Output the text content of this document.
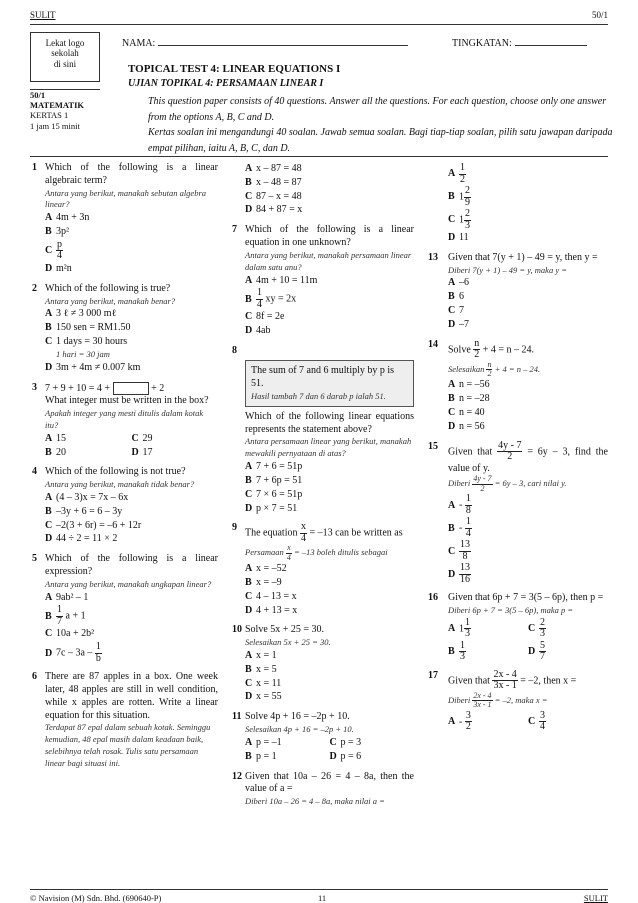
SULIT	50/1
Lekat logo
sekolah
di sini
50/1
MATEMATIK
KERTAS 1
1 jam 15 minit
NAMA:	TINGKATAN:
TOPICAL TEST 4: LINEAR EQUATIONS I
UJIAN TOPIKAL 4: PERSAMAAN LINEAR I
This question paper consists of 40 questions. Answer all the questions. For each question, choose only one answer from the options A, B, C and D.
Kertas soalan ini mengandungi 40 soalan. Jawab semua soalan. Bagi tiap-tiap soalan, pilih satu jawapan daripada empat pilihan, iaitu A, B, C, dan D.
1 Which of the following is a linear algebraic term?
Antara yang berikut, manakah sebutan algebra linear?
A 4m + 3n
B 3p²
C $\frac{p}{4}$
D m²n
2 Which of the following is true?
Antara yang berikut, manakah benar?
A 3 ℓ ≠ 3 000 mℓ
B 150 sen = RM1.50
C 1 days = 30 hours
1 hari = 30 jam
D 3m + 4m ≠ 0.007 km
3 7 + 9 + 10 = 4 +	+ 2
What integer must be written in the box?
Apakah integer yang mesti ditulis dalam kotak itu?
A 15	C 29
B 20	D 17
4 Which of the following is not true?
Antara yang berikut, manakah tidak benar?
A (4 – 3)x = 7x – 6x
B –3y + 6 = 6 – 3y
C –2(3 + 6r) = –6 + 12r
D 44 ÷ 2 = 11 × 2
5 Which of the following is a linear expression?
Antara yang berikut, manakah ungkapan linear?
A 9ab² – 1
B $\frac{1}{7}$ a + 1
C 10a + 2b²
D $7c - 3a - \frac{1}{b}$
6 There are 87 apples in a box. One week later, 48 apples are still in well condition, while x apples are rotten. Write a linear equation for this situation.
Terdapat 87 epal dalam sebuah kotak. Seminggu kemudian, 48 epal masih dalam keadaan baik, selebihnya telah rosak. Tulis satu persamaan linear bagi situasi ini.
A x – 87 = 48
B x – 48 = 87
C 87 – x = 48
D 84 + 87 = x
7 Which of the following is a linear equation in one unknown?
Antara yang berikut, manakah persamaan linear dalam satu anu?
A 4m + 10 = 11m
B $\frac{1}{4}$ xy = 2x
C 8f = 2e
D 4ab
8
The sum of 7 and 6 multiply by p is 51.
Hasil tambah 7 dan 6 darab p ialah 51.
Which of the following linear equations represents the statement above?
Antara persamaan linear yang berikut, manakah mewakili pernyataan di atas?
A 7 + 6 = 51p
B 7 + 6p = 51
C 7 × 6 = 51p
D p × 7 = 51
9 The equation $\frac{x}{4} = -13$ can be written as
Persamaan $\frac{x}{4} = -13$ boleh ditulis sebagai
A x = –52
B x = –9
C 4 – 13 = x
D 4 + 13 = x
10 Solve 5x + 25 = 30.
Selesaikan 5x + 25 = 30.
A x = 1
B x = 5
C x = 11
D x = 55
11 Solve 4p + 16 = –2p + 10.
Selesaikan 4p + 16 = –2p + 10.
A p = –1	C p = 3
B p = 1	D p = 6
12 Given that 10a – 26 = 4 – 8a, then the value of a =
Diberi 10a – 26 = 4 – 8a, maka nilai a =
A $\frac{1}{2}$
B $1 \frac{2}{9}$
C $1 \frac{2}{3}$
D 11
13 Given that 7(y + 1) – 49 = y, then y =
Diberi 7(y + 1) – 49 = y, maka y =
A –6
B 6
C 7
D –7
14 Solve $\frac{n}{2} + 4 = n - 24$.
Selesaikan $\frac{n}{2} + 4 = n - 24$.
A n = –56
B n = –28
C n = 40
D n = 56
15 Given that $\frac{4y - 7}{2} = 6y - 3$, find the value of y.
Diberi $\frac{4y - 7}{2} = 6y - 3$, cari nilai y.
A - $\frac{1}{8}$
B - $\frac{1}{4}$
C $\frac{13}{8}$
D $\frac{13}{16}$
16 Given that 6p + 7 = 3(5 – 6p), then p =
Diberi 6p + 7 = 3(5 – 6p), maka p =
A $1 \frac{1}{3}$	C $\frac{2}{3}$
B $\frac{1}{3}$	D $\frac{5}{7}$
17 Given that $\frac{2x - 4}{3x - 1} = -2$, then x =
Diberi $\frac{2x - 4}{3x - 1} = -2$, maka x =
A - $\frac{3}{2}$	C $\frac{3}{4}$
© Navision (M) Sdn. Bhd. (690640-P)	11	SULIT
